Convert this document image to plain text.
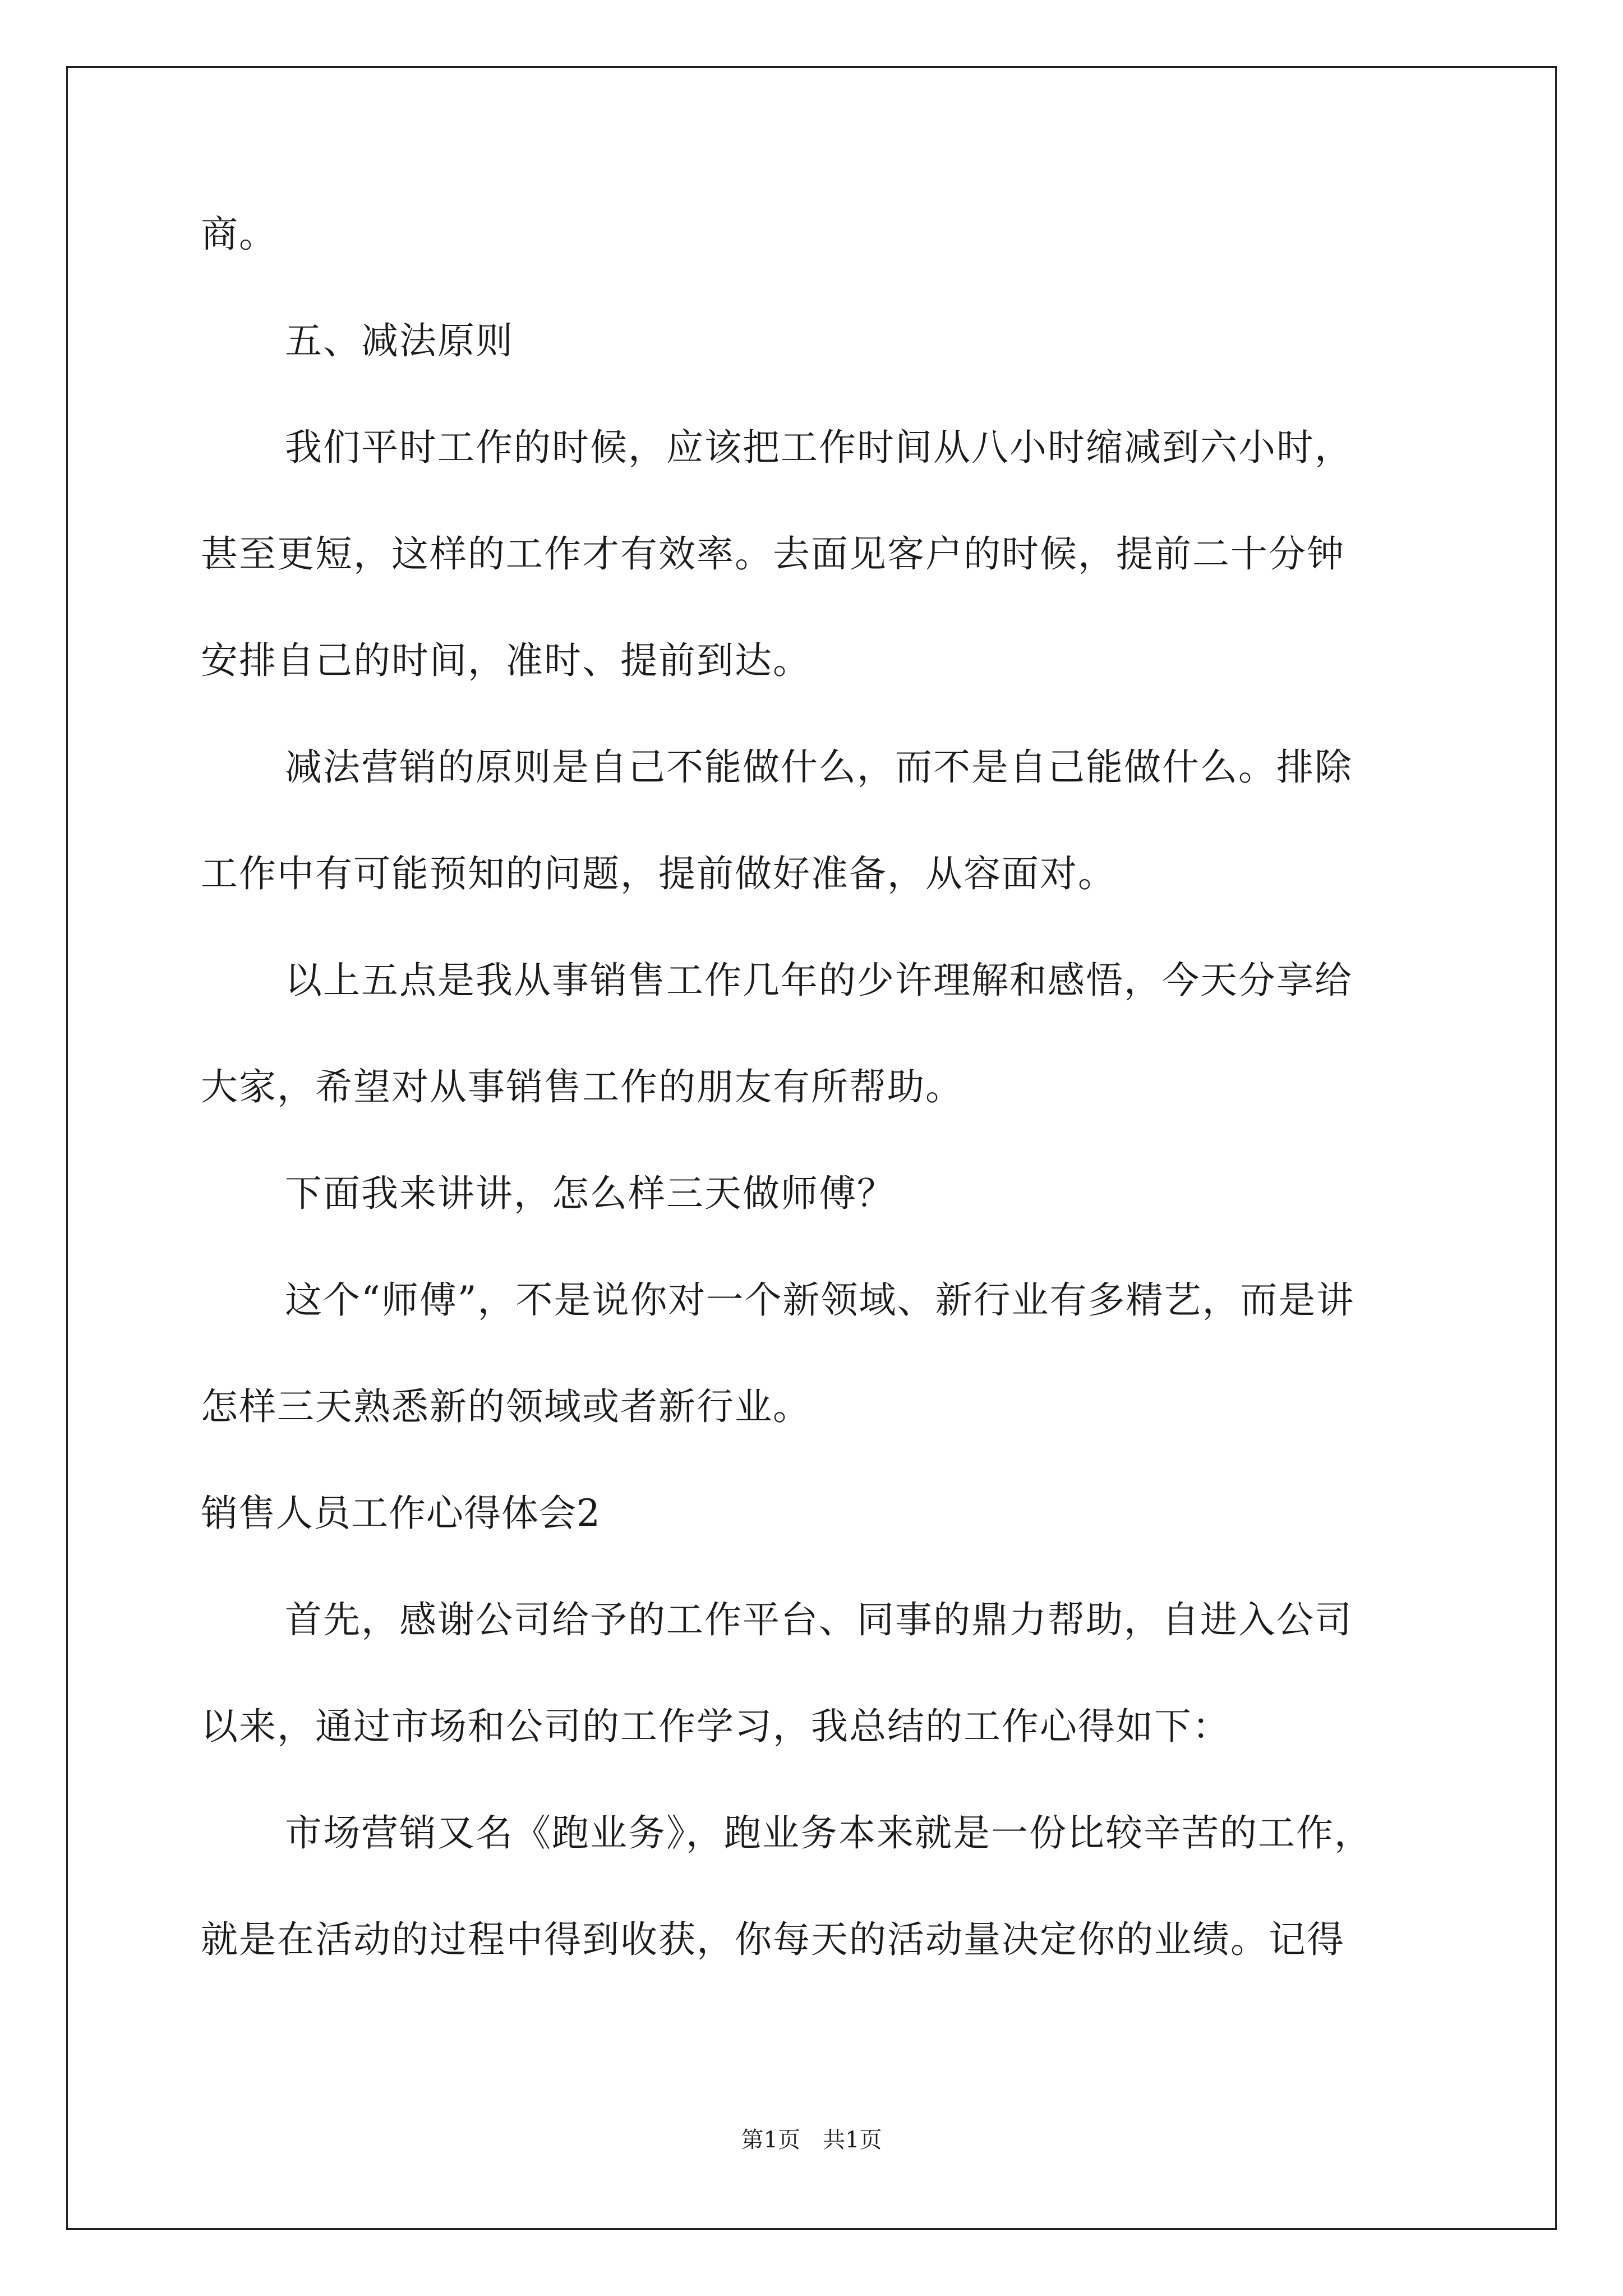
商。
五、减法原则
我们平时工作的时候，应该把工作时间从八小时缩减到六小时，
甚至更短，这样的工作才有效率。去面见客户的时候，提前二十分钟
安排自己的时间，准时、提前到达。
减法营销的原则是自己不能做什么，而不是自己能做什么。排除
工作中有可能预知的问题，提前做好准备，从容面对。
以上五点是我从事销售工作几年的少许理解和感悟，今天分享给
大家，希望对从事销售工作的朋友有所帮助。
下面我来讲讲，怎么样三天做师傅？
这个“师傅”，不是说你对一个新领域、新行业有多精艺，而是讲
怎样三天熟悉新的领域或者新行业。
销售人员工作心得体会2
首先，感谢公司给予的工作平台、同事的鼎力帮助，自进入公司
以来，通过市场和公司的工作学习，我总结的工作心得如下：
市场营销又名《跑业务》，跑业务本来就是一份比较辛苦的工作，
就是在活动的过程中得到收获，你每天的活动量决定你的业绩。记得
第1页　共1页
